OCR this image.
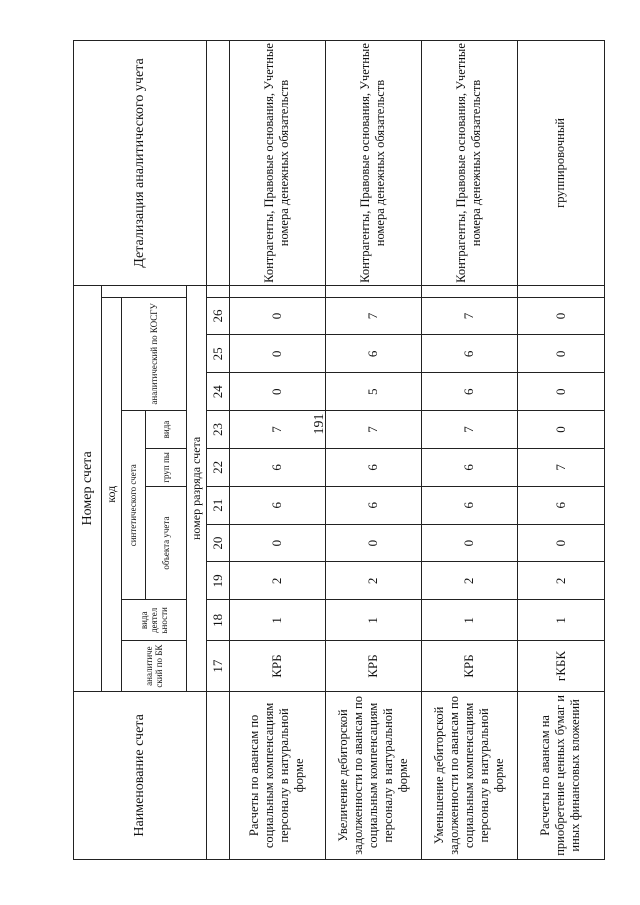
191
Наименование счета	Номер счета											Детализация аналитического учета
	код											
	аналитиче ский по БК	вида деятел ьности	синтетического счета					аналитический по КОСГУ				
			объекта учета			груп пы	вида					
	номер разряда счета											
	17	18	19	20	21	22	23	24	25	26		
Расчеты по авансам по социальным компенсациям персоналу в натуральной форме	КРБ	1	2	0	6	6	7	0	0	0		Контрагенты, Правовые основания, Учетные номера денежных обязательств
Увеличение дебиторской задолженности по авансам по социальным компенсациям персоналу в натуральной форме	КРБ	1	2	0	6	6	7	5	6	7		Контрагенты, Правовые основания, Учетные номера денежных обязательств
Уменьшение дебиторской задолженности по авансам по социальным компенсациям персоналу в натуральной форме	КРБ	1	2	0	6	6	7	6	6	7		Контрагенты, Правовые основания, Учетные номера денежных обязательств
Расчеты по авансам на приобретение ценных бумаг и иных финансовых вложений	гКБК	1	2	0	6	7	0	0	0	0		группировочный
